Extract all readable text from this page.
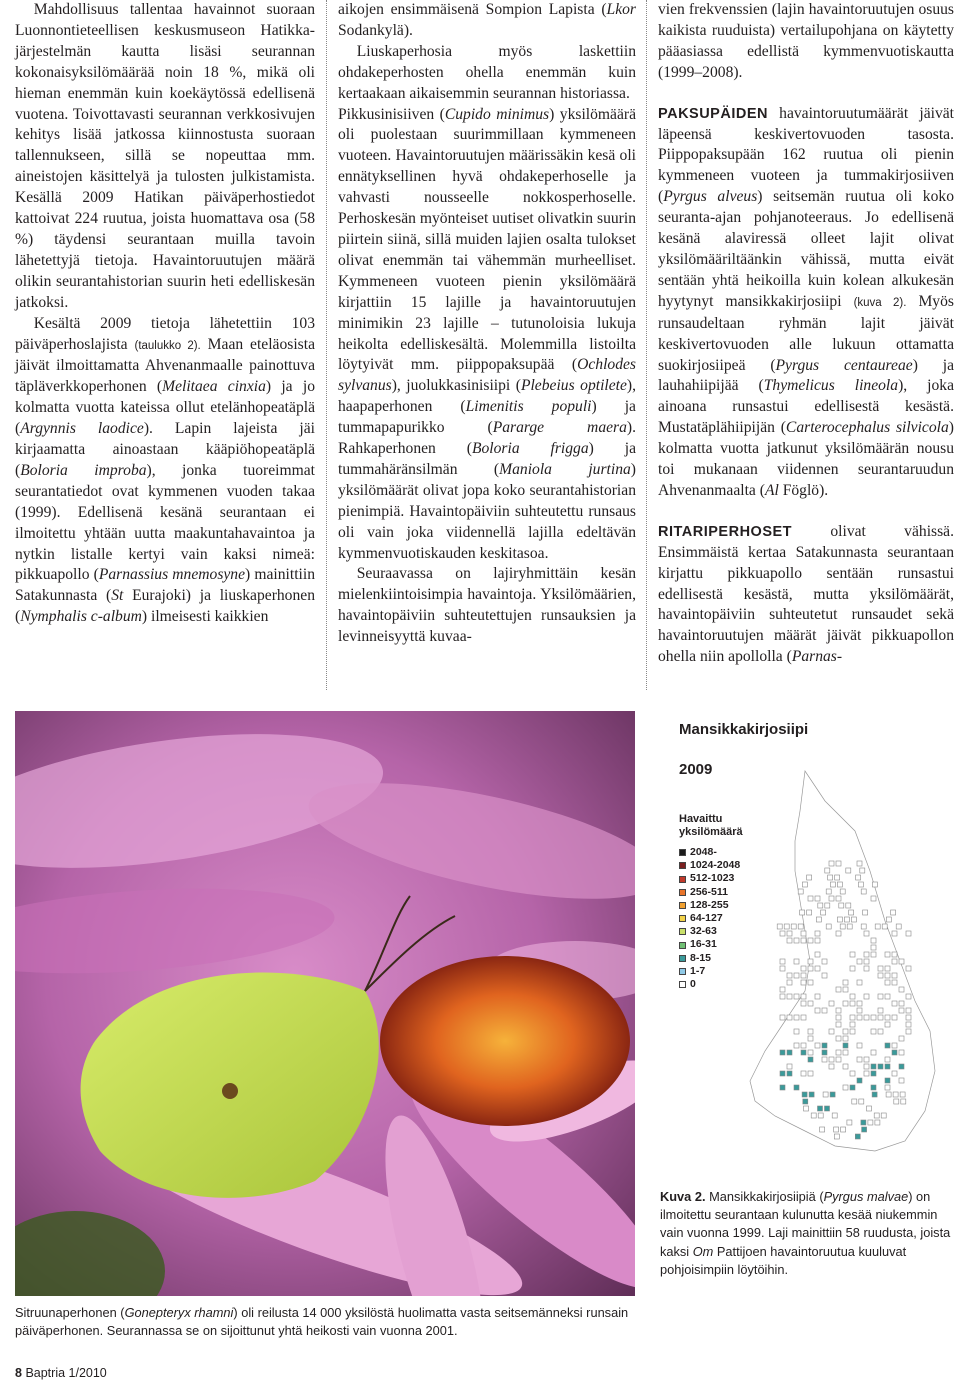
Mahdollisuus tallentaa havainnot suoraan Luonnontieteellisen keskusmuseon Hatikka-järjestelmän kautta lisäsi seurannan kokonaisyksilömäärää noin 18 %, mikä oli hieman enemmän kuin koekäytössä edellisenä vuotena. Toivottavasti seurannan verkkosivujen kehitys lisää jatkossa kiinnostusta suoraan tallennukseen, sillä se nopeuttaa mm. aineistojen käsittelyä ja tulosten julkistamista. Kesällä 2009 Hatikan päiväperhostiedot kattoivat 224 ruutua, joista huomattava osa (58 %) täydensi seurantaan muilla tavoin lähetettyjä tietoja. Havaintoruutujen määrä olikin seurantahistorian suurin heti edelliskesän jatkoksi.

Kesältä 2009 tietoja lähetettiin 103 päiväperhoslajista (taulukko 2). Maan eteläosista jäivät ilmoittamatta Ahvenanmaalle painottuva täpläverkkoperhonen (Melitaea cinxia) ja jo kolmatta vuotta kateissa ollut etelänhopeatäplä (Argynnis laodice). Lapin lajeista jäi kirjaamatta ainoastaan kääpiöhopeatäplä (Boloria improba), jonka tuoreimmat seurantatiedot ovat kymmenen vuoden takaa (1999). Edellisenä kesänä seurantaan ei ilmoitettu yhtään uutta maakuntahavaintoa ja nytkin listalle kertyi vain kaksi nimeä: pikkuapollo (Parnassius mnemosyne) mainittiin Satakunnasta (St Eurajoki) ja liuskaperhonen (Nymphalis c-album) ilmeisesti kaikkien

aikojen ensimmäisenä Sompion Lapista (Lkor Sodankylä).

Liuskaperhosia myös laskettiin ohdakeperhosten ohella enemmän kuin kertaakaan aikaisemmin seurannan historiassa.

Pikkusinisiiven (Cupido minimus) yksilömäärä oli puolestaan suurimmillaan kymmeneen vuoteen. Havaintoruutujen määrissäkin kesä oli ennätyksellinen hyvä ohdakeperhoselle ja vahvasti nousseelle nokkosperhoselle. Perhoskesän myönteiset uutiset olivatkin suurin piirtein siinä, sillä muiden lajien osalta tulokset olivat enemmän tai vähemmän murheelliset. Kymmeneen vuoteen pienin yksilömäärä kirjattiin 15 lajille ja havaintoruutujen minimikin 23 lajille – tutunoloisia lukuja heikolta edelliskesältä. Molemmilla listoilta löytyivät mm. piippopaksupää (Ochlodes sylvanus), juolukkasinisiipi (Plebeius optilete), haapaperhonen (Limenitis populi) ja tummapapurikko (Pararge maera). Rahkaperhonen (Boloria frigga) ja tummahäränsilmän (Maniola jurtina) yksilömäärät olivat jopa koko seurantahistorian pienimpiä. Havaintopäiviin suhteutettu runsaus oli vain joka viidennellä lajilla edeltävän kymmenvuotiskauden keskitasoa.

Seuraavassa on lajiryhmittäin kesän mielenkiintoisimpia havaintoja. Yksilömäärien, havaintopäiviin suhteutettujen runsauksien ja levinneisyyttä kuvaa-

vien frekvenssien (lajin havaintoruutujen osuus kaikista ruuduista) vertailupohjana on käytetty pääasiassa edellistä kymmenvuotiskautta (1999–2008).

PAKSUPÄIDEN havaintoruutumäärät jäivät läpeensä keskivertovuoden tasosta. Piippopaksupään 162 ruutua oli pienin kymmeneen vuoteen ja tummakirjosiiven (Pyrgus alveus) seitsemän ruutua oli koko seuranta-ajan pohjanoteeraus. Jo edellisenä kesänä alaviressä olleet lajit olivat yksilömääriltäänkin vähissä, mutta eivät sentään yhtä heikoilla kuin kolean alkukesän hyytynyt mansikkakirjosiipi (kuva 2). Myös runsaudeltaan ryhmän lajit jäivät keskivertovuoden alle lukuun ottamatta suokirjosiipeä (Pyrgus centaureae) ja lauhahiipijää (Thymelicus lineola), joka ainoana runsastui edellisestä kesästä. Mustatäplähiipijän (Carterocephalus silvicola) kolmatta vuotta jatkunut yksilömäärän nousu toi mukanaan viidennen seurantaruudun Ahvenanmaalta (Al Föglö).

RITARIPERHOSET olivat vähissä. Ensimmäistä kertaa Satakunnasta seurantaan kirjattu pikkuapollo sentään runsastui edellisestä kesästä, mutta yksilömäärät, havaintopäiviin suhteutetut runsaudet sekä havaintoruutujen määrät jäivät pikkuapollon ohella niin apollolla (Parnas-

Sitruunaperhonen (Gonepteryx rhamni) oli reilusta 14 000 yksilöstä huolimatta vasta seitsemänneksi runsain päiväperhonen. Seurannassa se on sijoittunut yhtä heikosti vain vuonna 2001.
Mansikkakirjosiipi
2009
Havaittu
yksilömäärä
2048-
1024-2048
512-1023
256-511
128-255
64-127
32-63
16-31
8-15
1-7
0
Kuva 2. Mansikkakirjosiipiä (Pyrgus malvae) on ilmoitettu seurantaan kulunutta kesää niukemmin vain vuonna 1999. Laji mainittiin 58 ruudusta, joista kaksi Om Pattijoen havaintoruutua kuuluvat pohjoisimpiin löytöihin.
8 Baptria 1/2010
